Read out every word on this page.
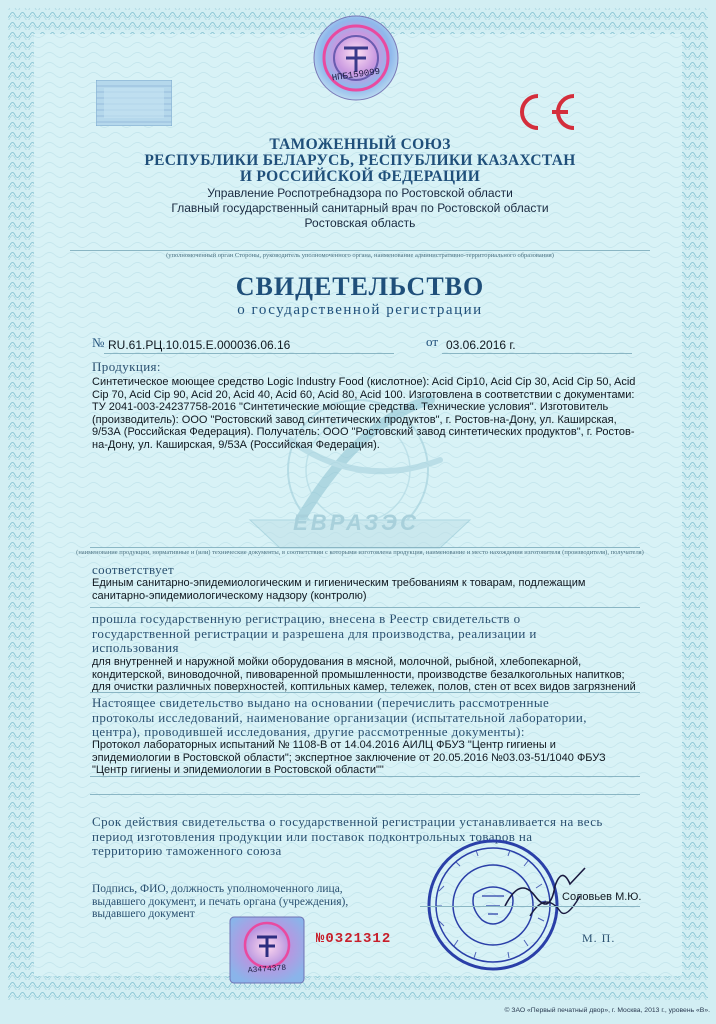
НПБ159099
ТАМОЖЕННЫЙ СОЮЗ
РЕСПУБЛИКИ БЕЛАРУСЬ, РЕСПУБЛИКИ КАЗАХСТАН
И РОССИЙСКОЙ ФЕДЕРАЦИИ
Управление Роспотребнадзора по Ростовской области
Главный государственный санитарный врач по Ростовской области
Ростовская область
(уполномоченный орган Стороны, руководитель уполномоченного органа, наименование административно-территориального образования)
СВИДЕТЕЛЬСТВО
о государственной регистрации
№ RU.61.РЦ.10.015.Е.000036.06.16	от 03.06.2016 г.
Продукция:
Синтетическое моющее средство Logic Industry Food (кислотное): Acid Cip10, Acid Cip 30, Acid Cip 50, Acid
Cip 70, Acid Cip 90, Acid 20, Acid 40, Acid 60, Acid 80, Acid 100. Изготовлена в соответствии с документами:
ТУ 2041-003-24237758-2016 "Синтетические моющие средства. Технические условия". Изготовитель
(производитель): ООО "Ростовский завод синтетических продуктов", г. Ростов-на-Дону, ул. Каширская,
9/53А (Российская Федерация). Получатель: ООО "Ростовский завод синтетических продуктов", г. Ростов-
на-Дону, ул. Каширская, 9/53А (Российская Федерация).
ЕВРАЗЭС
(наименование продукции, нормативные и (или) технические документы, в соответствии с которыми изготовлена продукция, наименование и место нахождения изготовителя (производителя), получателя)
соответствует
Единым санитарно-эпидемиологическим и гигиеническим требованиям к товарам, подлежащим
санитарно-эпидемиологическому надзору (контролю)
прошла государственную регистрацию, внесена в Реестр свидетельств о
государственной регистрации и разрешена для производства, реализации и
использования
для внутренней и наружной мойки оборудования в мясной, молочной, рыбной, хлебопекарной,
кондитерской, виноводочной, пивоваренной промышленности, производстве безалкогольных напитков;
для очистки различных поверхностей, коптильных камер, тележек, полов, стен от всех видов загрязнений
Настоящее свидетельство выдано на основании (перечислить рассмотренные
протоколы исследований, наименование организации (испытательной лаборатории,
центра), проводившей исследования, другие рассмотренные документы):
Протокол лабораторных испытаний № 1108-В от 14.04.2016 АИЛЦ ФБУЗ "Центр гигиены и
эпидемиологии в Ростовской области"; экспертное заключение от 20.05.2016 №03.03-51/1040 ФБУЗ
"Центр гигиены и эпидемиологии в Ростовской области""
Срок действия свидетельства о государственной регистрации устанавливается на весь
период изготовления продукции или поставок подконтрольных товаров на
территорию таможенного союза
Подпись, ФИО, должность уполномоченного лица,
выдавшего документ, и печать органа (учреждения),
выдавшего документ
Соловьев М.Ю.
М. П.
А3474378
№0321312
© ЗАО «Первый печатный двор», г. Москва, 2013 г., уровень «В».
